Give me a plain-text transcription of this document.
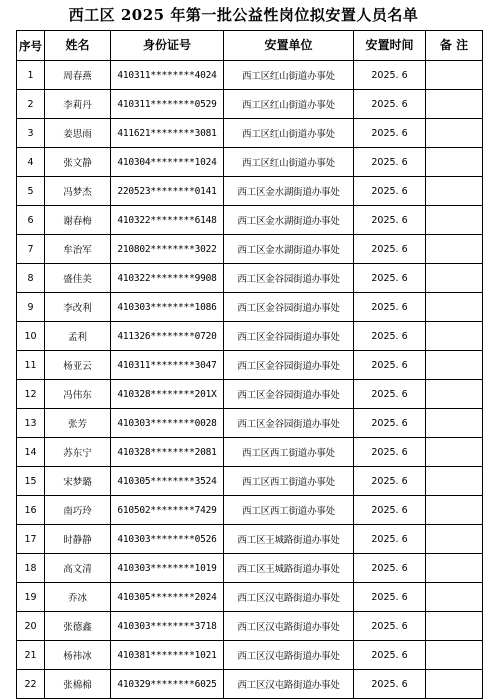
西工区 2025 年第一批公益性岗位拟安置人员名单
序号	姓名	身份证号	安置单位	安置时间	备 注
1	周春燕	410311********4024	西工区红山街道办事处	2025. 6	
2	李莉丹	410311********0529	西工区红山街道办事处	2025. 6	
3	姜思雨	411621********3081	西工区红山街道办事处	2025. 6	
4	张文静	410304********1024	西工区红山街道办事处	2025. 6	
5	冯梦杰	220523********0141	西工区金水湖街道办事处	2025. 6	
6	谢春梅	410322********6148	西工区金水湖街道办事处	2025. 6	
7	牟治军	210802********3022	西工区金水湖街道办事处	2025. 6	
8	盛佳美	410322********9908	西工区金谷园街道办事处	2025. 6	
9	李改利	410303********1086	西工区金谷园街道办事处	2025. 6	
10	孟利	411326********0720	西工区金谷园街道办事处	2025. 6	
11	杨亚云	410311********3047	西工区金谷园街道办事处	2025. 6	
12	冯伟东	410328********201X	西工区金谷园街道办事处	2025. 6	
13	张芳	410303********0028	西工区金谷园街道办事处	2025. 6	
14	苏东宁	410328********2081	西工区西工街道办事处	2025. 6	
15	宋梦璐	410305********3524	西工区西工街道办事处	2025. 6	
16	南巧玲	610502********7429	西工区西工街道办事处	2025. 6	
17	时静静	410303********0526	西工区王城路街道办事处	2025. 6	
18	高文清	410303********1019	西工区王城路街道办事处	2025. 6	
19	乔冰	410305********2024	西工区汉屯路街道办事处	2025. 6	
20	张德鑫	410303********3718	西工区汉屯路街道办事处	2025. 6	
21	杨祎冰	410381********1021	西工区汉屯路街道办事处	2025. 6	
22	张棉棉	410329********6025	西工区汉屯路街道办事处	2025. 6	
